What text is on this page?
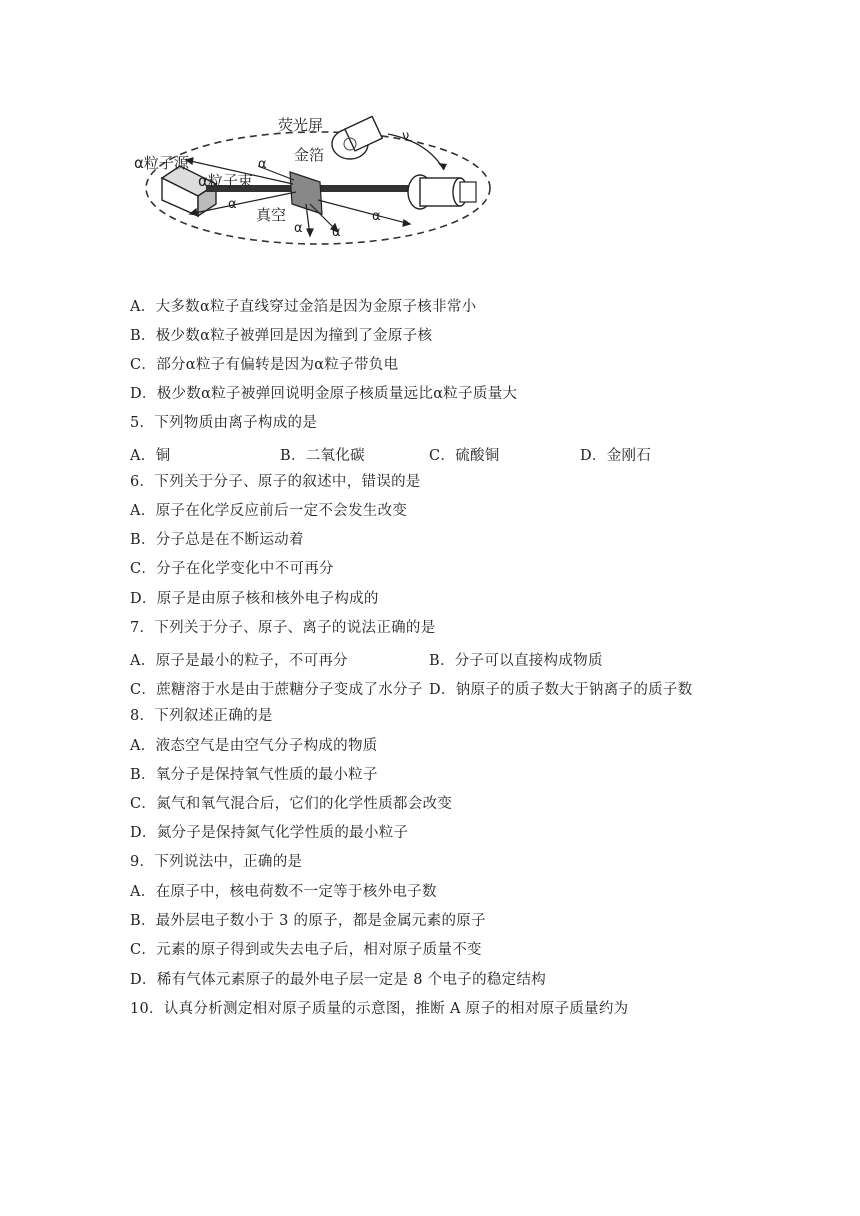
荧光屏
金箔
α粒子源
α粒子束
真空
α
α
α α
α
ν
A．大多数α粒子直线穿过金箔是因为金原子核非常小
B．极少数α粒子被弹回是因为撞到了金原子核
C．部分α粒子有偏转是因为α粒子带负电
D．极少数α粒子被弹回说明金原子核质量远比α粒子质量大
5．下列物质由离子构成的是
A．铜	B．二氧化碳	C．硫酸铜	D．金刚石
6．下列关于分子、原子的叙述中，错误的是
A．原子在化学反应前后一定不会发生改变
B．分子总是在不断运动着
C．分子在化学变化中不可再分
D．原子是由原子核和核外电子构成的
7．下列关于分子、原子、离子的说法正确的是
A．原子是最小的粒子，不可再分	B．分子可以直接构成物质
C．蔗糖溶于水是由于蔗糖分子变成了水分子 D．钠原子的质子数大于钠离子的质子数
8．下列叙述正确的是
A．液态空气是由空气分子构成的物质
B．氧分子是保持氧气性质的最小粒子
C．氮气和氧气混合后，它们的化学性质都会改变
D．氮分子是保持氮气化学性质的最小粒子
9．下列说法中，正确的是
A．在原子中，核电荷数不一定等于核外电子数
B．最外层电子数小于 3 的原子，都是金属元素的原子
C．元素的原子得到或失去电子后，相对原子质量不变
D．稀有气体元素原子的最外电子层一定是 8 个电子的稳定结构
10．认真分析测定相对原子质量的示意图，推断 A 原子的相对原子质量约为
